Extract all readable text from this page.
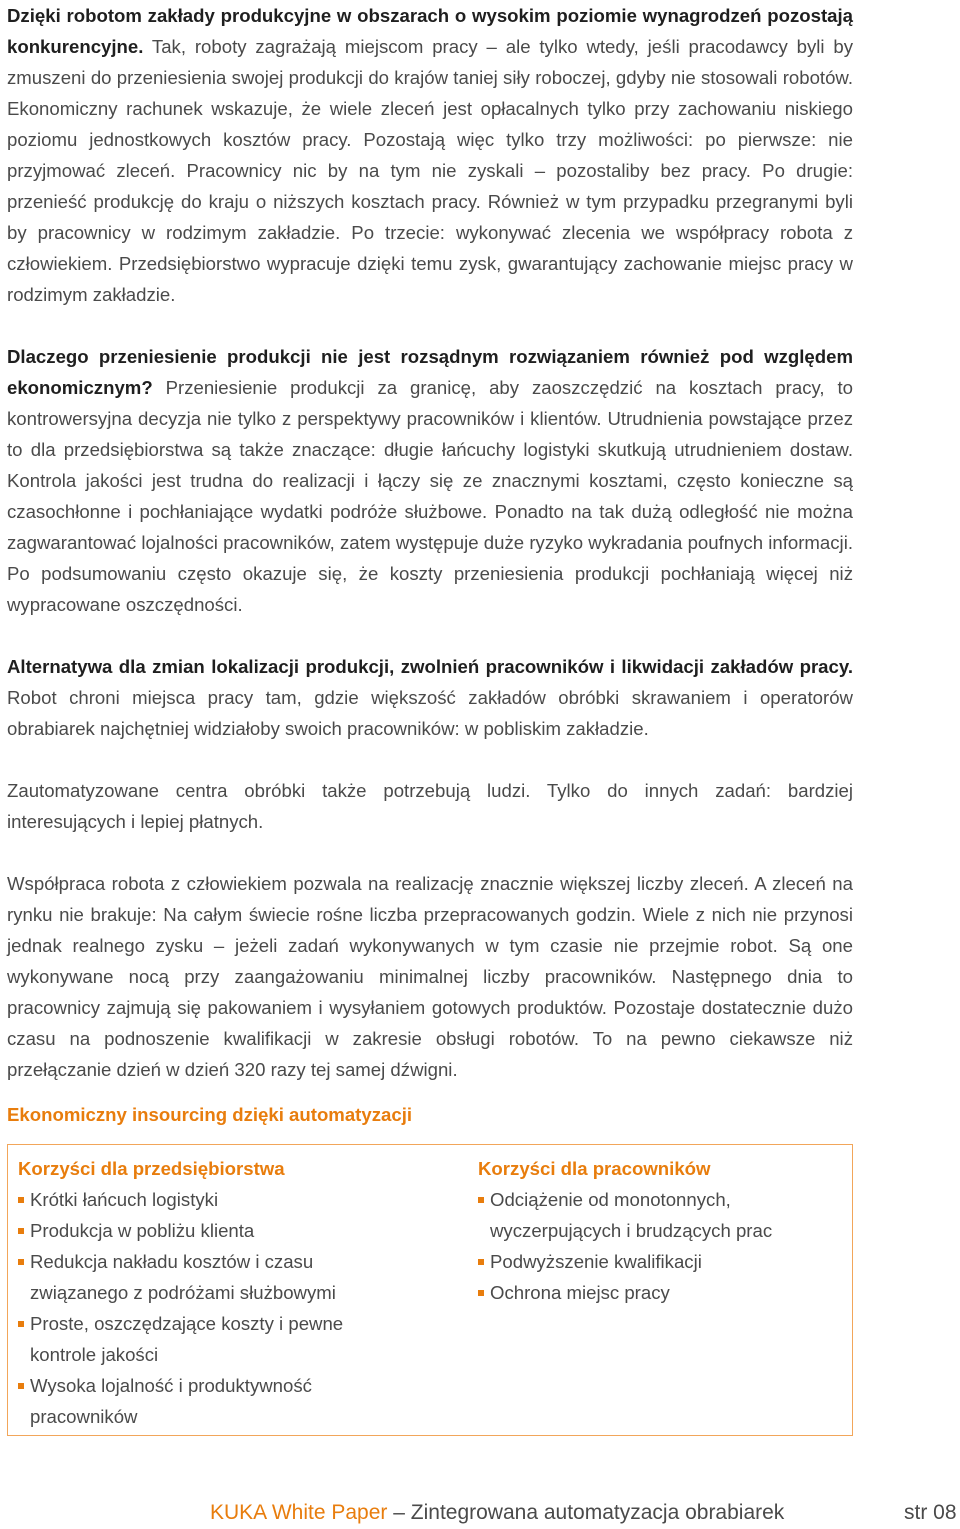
Dzięki robotom zakłady produkcyjne w obszarach o wysokim poziomie wynagrodzeń pozostają konkurencyjne. Tak, roboty zagrażają miejscom pracy – ale tylko wtedy, jeśli pracodawcy byli by zmuszeni do przeniesienia swojej produkcji do krajów taniej siły roboczej, gdyby nie stosowali robotów. Ekonomiczny rachunek wskazuje, że wiele zleceń jest opłacalnych tylko przy zachowaniu niskiego poziomu jednostkowych kosztów pracy. Pozostają więc tylko trzy możliwości: po pierwsze: nie przyjmować zleceń. Pracownicy nic by na tym nie zyskali – pozostaliby bez pracy. Po drugie: przenieść produkcję do kraju o niższych kosztach pracy. Również w tym przypadku przegranymi byli by pracownicy w rodzimym zakładzie. Po trzecie: wykonywać zlecenia we współpracy robota z człowiekiem. Przedsiębiorstwo wypracuje dzięki temu zysk, gwarantujący zachowanie miejsc pracy w rodzimym zakładzie.

Dlaczego przeniesienie produkcji nie jest rozsądnym rozwiązaniem również pod względem ekonomicznym? Przeniesienie produkcji za granicę, aby zaoszczędzić na kosztach pracy, to kontrowersyjna decyzja nie tylko z perspektywy pracowników i klientów. Utrudnienia powstające przez to dla przedsiębiorstwa są także znaczące: długie łańcuchy logistyki skutkują utrudnieniem dostaw. Kontrola jakości jest trudna do realizacji i łączy się ze znacznymi kosztami, często konieczne są czasochłonne i pochłaniające wydatki podróże służbowe. Ponadto na tak dużą odległość nie można zagwarantować lojalności pracowników, zatem występuje duże ryzyko wykradania poufnych informacji. Po podsumowaniu często okazuje się, że koszty przeniesienia produkcji pochłaniają więcej niż wypracowane oszczędności.

Alternatywa dla zmian lokalizacji produkcji, zwolnień pracowników i likwidacji zakładów pracy. Robot chroni miejsca pracy tam, gdzie większość zakładów obróbki skrawaniem i operatorów obrabiarek najchętniej widziałoby swoich pracowników: w pobliskim zakładzie.

Zautomatyzowane centra obróbki także potrzebują ludzi. Tylko do innych zadań: bardziej interesujących i lepiej płatnych.

Współpraca robota z człowiekiem pozwala na realizację znacznie większej liczby zleceń. A zleceń na rynku nie brakuje: Na całym świecie rośne liczba przepracowanych godzin. Wiele z nich nie przynosi jednak realnego zysku – jeżeli zadań wykonywanych w tym czasie nie przejmie robot. Są one wykonywane nocą przy zaangażowaniu minimalnej liczby pracowników. Następnego dnia to pracownicy zajmują się pakowaniem i wysyłaniem gotowych produktów. Pozostaje dostatecznie dużo czasu na podnoszenie kwalifikacji w zakresie obsługi robotów. To na pewno ciekawsze niż przełączanie dzień w dzień 320 razy tej samej dźwigni.

Ekonomiczny insourcing dzięki automatyzacji
Korzyści dla przedsiębiorstwa
Krótki łańcuch logistyki
Produkcja w pobliżu klienta
Redukcja nakładu kosztów i czasu związanego z podróżami służbowymi
Proste, oszczędzające koszty i pewne kontrole jakości
Wysoka lojalność i produktywność pracowników
Korzyści dla pracowników
Odciążenie od monotonnych, wyczerpujących i brudzących prac
Podwyższenie kwalifikacji
Ochrona miejsc pracy
KUKA White Paper – Zintegrowana automatyzacja obrabiarek	str 08
